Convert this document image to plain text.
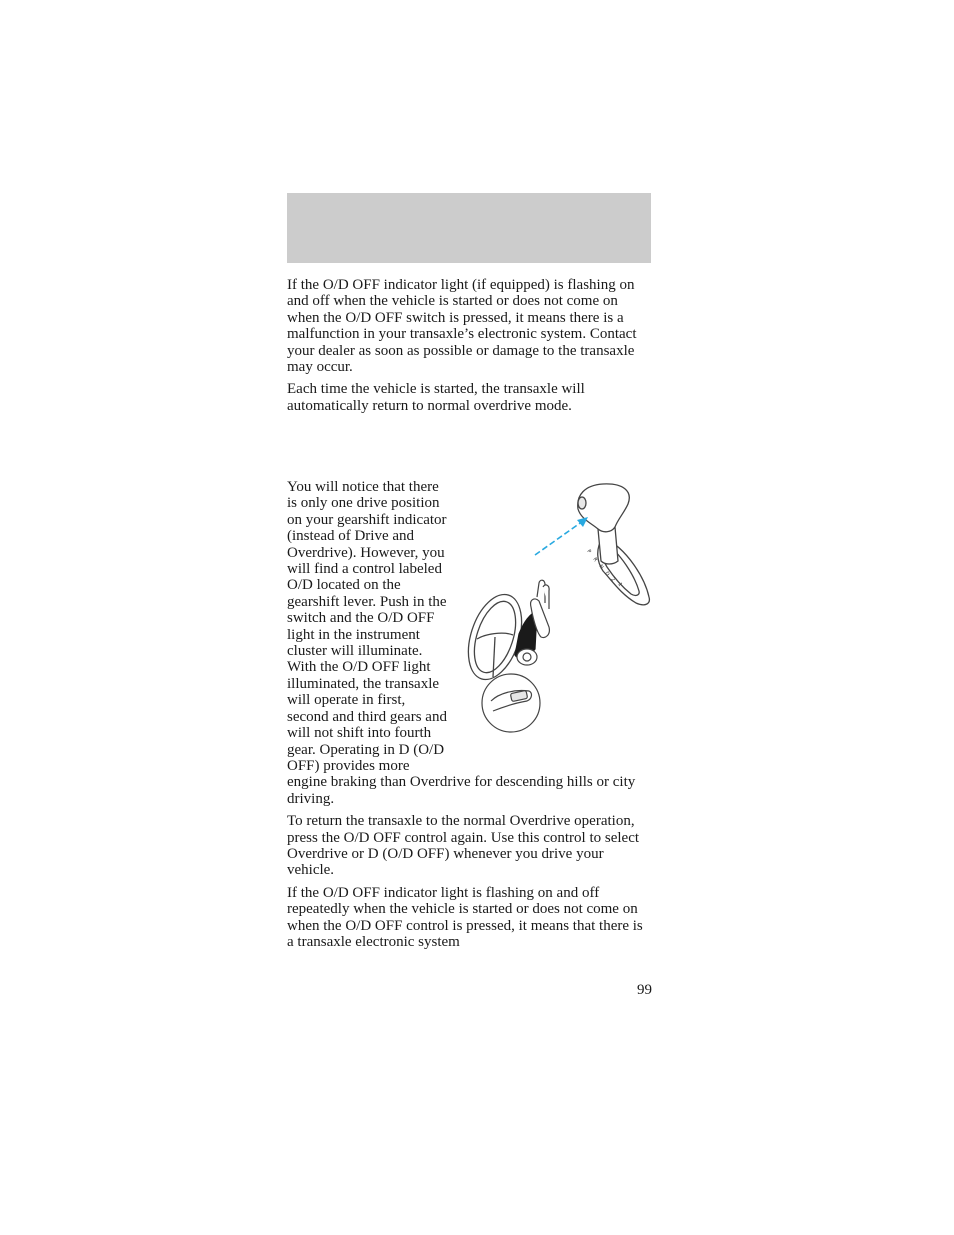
If the O/D OFF indicator light (if equipped) is flashing on and off when the vehicle is started or does not come on when the O/D OFF switch is pressed, it means there is a malfunction in your transaxle’s electronic system. Contact your dealer as soon as possible or damage to the transaxle may occur.

Each time the vehicle is started, the transaxle will automatically return to normal overdrive mode.

P
R
N
D
2
1

You will notice that there is only one drive position on your gearshift indicator (instead of Drive and Overdrive). However, you will find a control labeled O/D located on the gearshift lever. Push in the switch and the O/D OFF light in the instrument cluster will illuminate. With the O/D OFF light illuminated, the transaxle will operate in first, second and third gears and will not shift into fourth gear. Operating in D (O/D OFF) provides more engine braking than Overdrive for descending hills or city driving.

To return the transaxle to the normal Overdrive operation, press the O/D OFF control again. Use this control to select Overdrive or D (O/D OFF) whenever you drive your vehicle.

If the O/D OFF indicator light is flashing on and off repeatedly when the vehicle is started or does not come on when the O/D OFF control is pressed, it means that there is a transaxle electronic system

99
